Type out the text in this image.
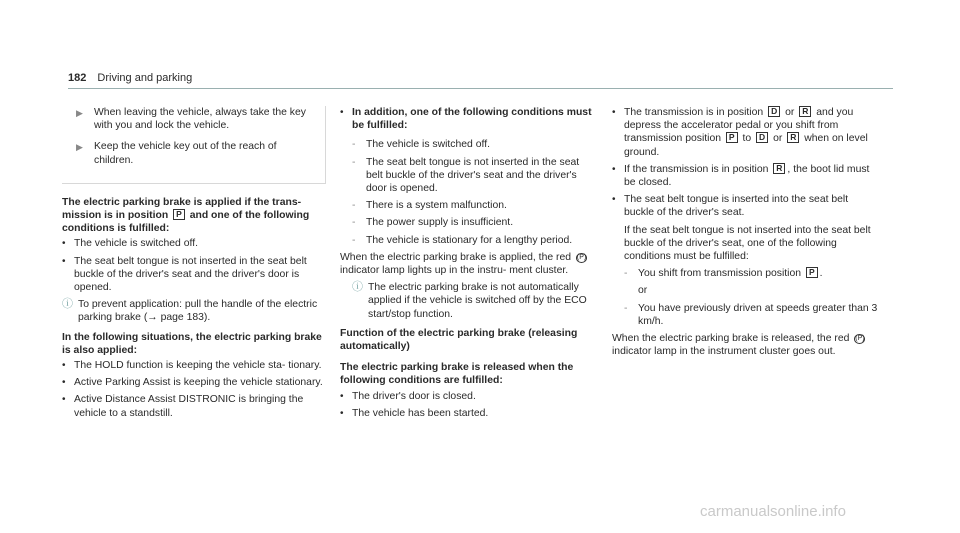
182 Driving and parking
▶	When leaving the vehicle, always take the key with you and lock the vehicle.
▶	Keep the vehicle key out of the reach of children.
The electric parking brake is applied if the trans-
mission is in position P and one of the following
conditions is fulfilled:
• The vehicle is switched off.
• The seat belt tongue is not inserted in the seat belt buckle of the driver's seat and the driver's door is opened.
ⓘ To prevent application: pull the handle of the electric parking brake (→ page 183).
In the following situations, the electric parking brake is also applied:
• The HOLD function is keeping the vehicle sta- tionary.
• Active Parking Assist is keeping the vehicle stationary.
• Active Distance Assist DISTRONIC is bringing the vehicle to a standstill.
• In addition, one of the following conditions must be fulfilled:
-	The vehicle is switched off.
-	The seat belt tongue is not inserted in the seat belt buckle of the driver's seat and the driver's door is opened.
-	There is a system malfunction.
-	The power supply is insufficient.
-	The vehicle is stationary for a lengthy period.

When the electric parking brake is applied, the red (P) indicator lamp lights up in the instru- ment cluster.

ⓘ The electric parking brake is not automatically applied if the vehicle is switched off by the ECO start/stop function.
Function of the electric parking brake (releasing automatically)
The electric parking brake is released when the following conditions are fulfilled:
• The driver's door is closed.
• The vehicle has been started.
• The transmission is in position D or R and you depress the accelerator pedal or you shift from transmission position P to D or R when on level ground.
• If the transmission is in position R , the boot lid must be closed.
• The seat belt tongue is inserted into the seat belt buckle of the driver's seat.
If the seat belt tongue is not inserted into the seat belt buckle of the driver's seat, one of the following conditions must be fulfilled:
-	You shift from transmission position P .
or
-	You have previously driven at speeds greater than 3 km/h.

When the electric parking brake is released, the red (P) indicator lamp in the instrument cluster goes out.

carmanualsonline.info
